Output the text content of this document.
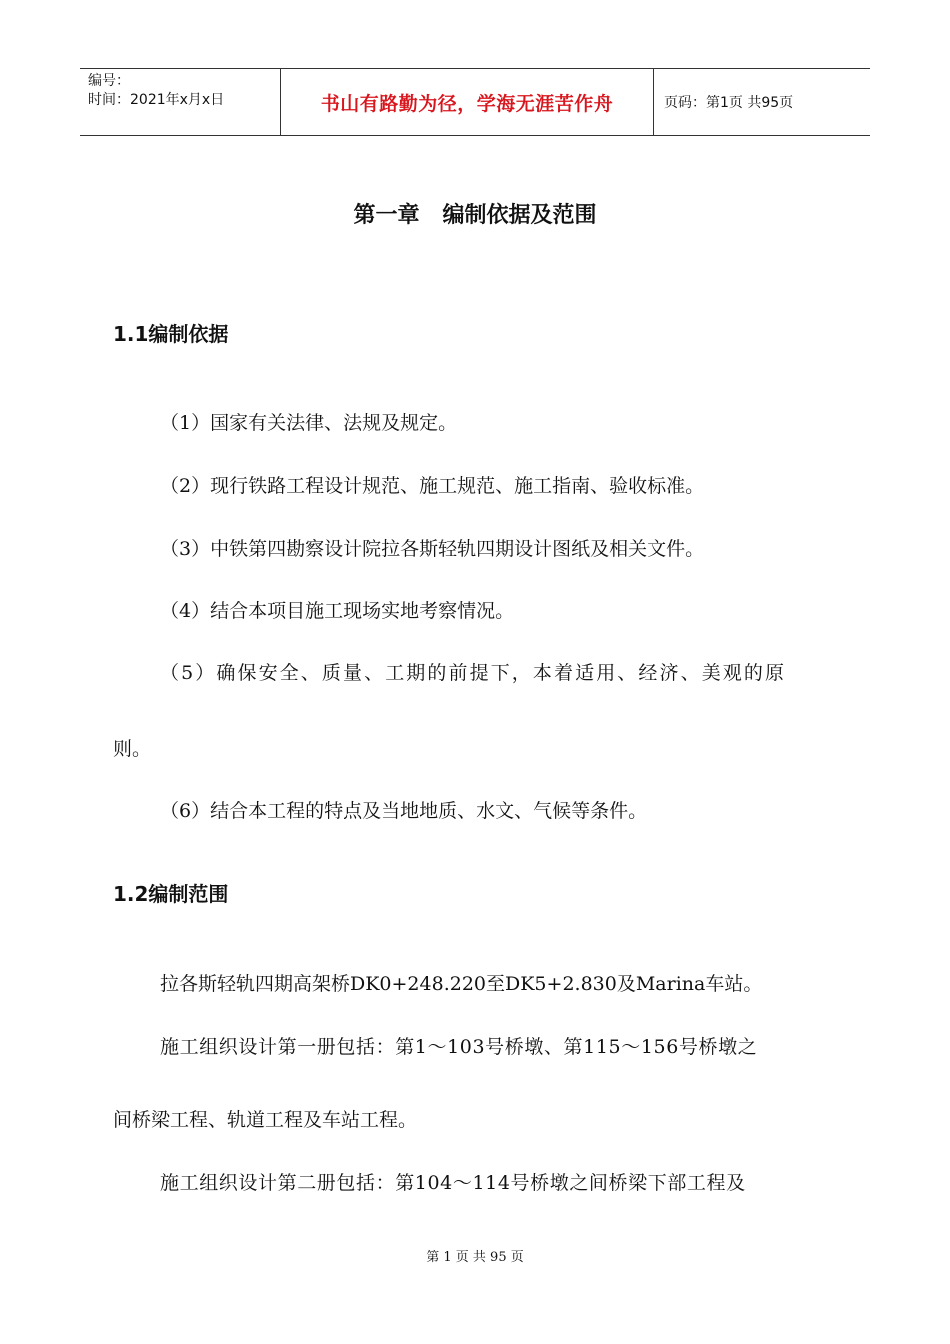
编号：
时间：2021年x月x日	书山有路勤为径，学海无涯苦作舟	页码：第1页 共95页
第一章   编制依据及范围
1.1编制依据
（1）国家有关法律、法规及规定。
（2）现行铁路工程设计规范、施工规范、施工指南、验收标准。
（3）中铁第四勘察设计院拉各斯轻轨四期设计图纸及相关文件。
（4）结合本项目施工现场实地考察情况。
（5）确保安全、质量、工期的前提下，本着适用、经济、美观的原
则。
（6）结合本工程的特点及当地地质、水文、气候等条件。
1.2编制范围
拉各斯轻轨四期高架桥DK0+248.220至DK5+2.830及Marina车站。
施工组织设计第一册包括：第1～103号桥墩、第115～156号桥墩之
间桥梁工程、轨道工程及车站工程。
施工组织设计第二册包括：第104～114号桥墩之间桥梁下部工程及
第 1 页 共 95 页
